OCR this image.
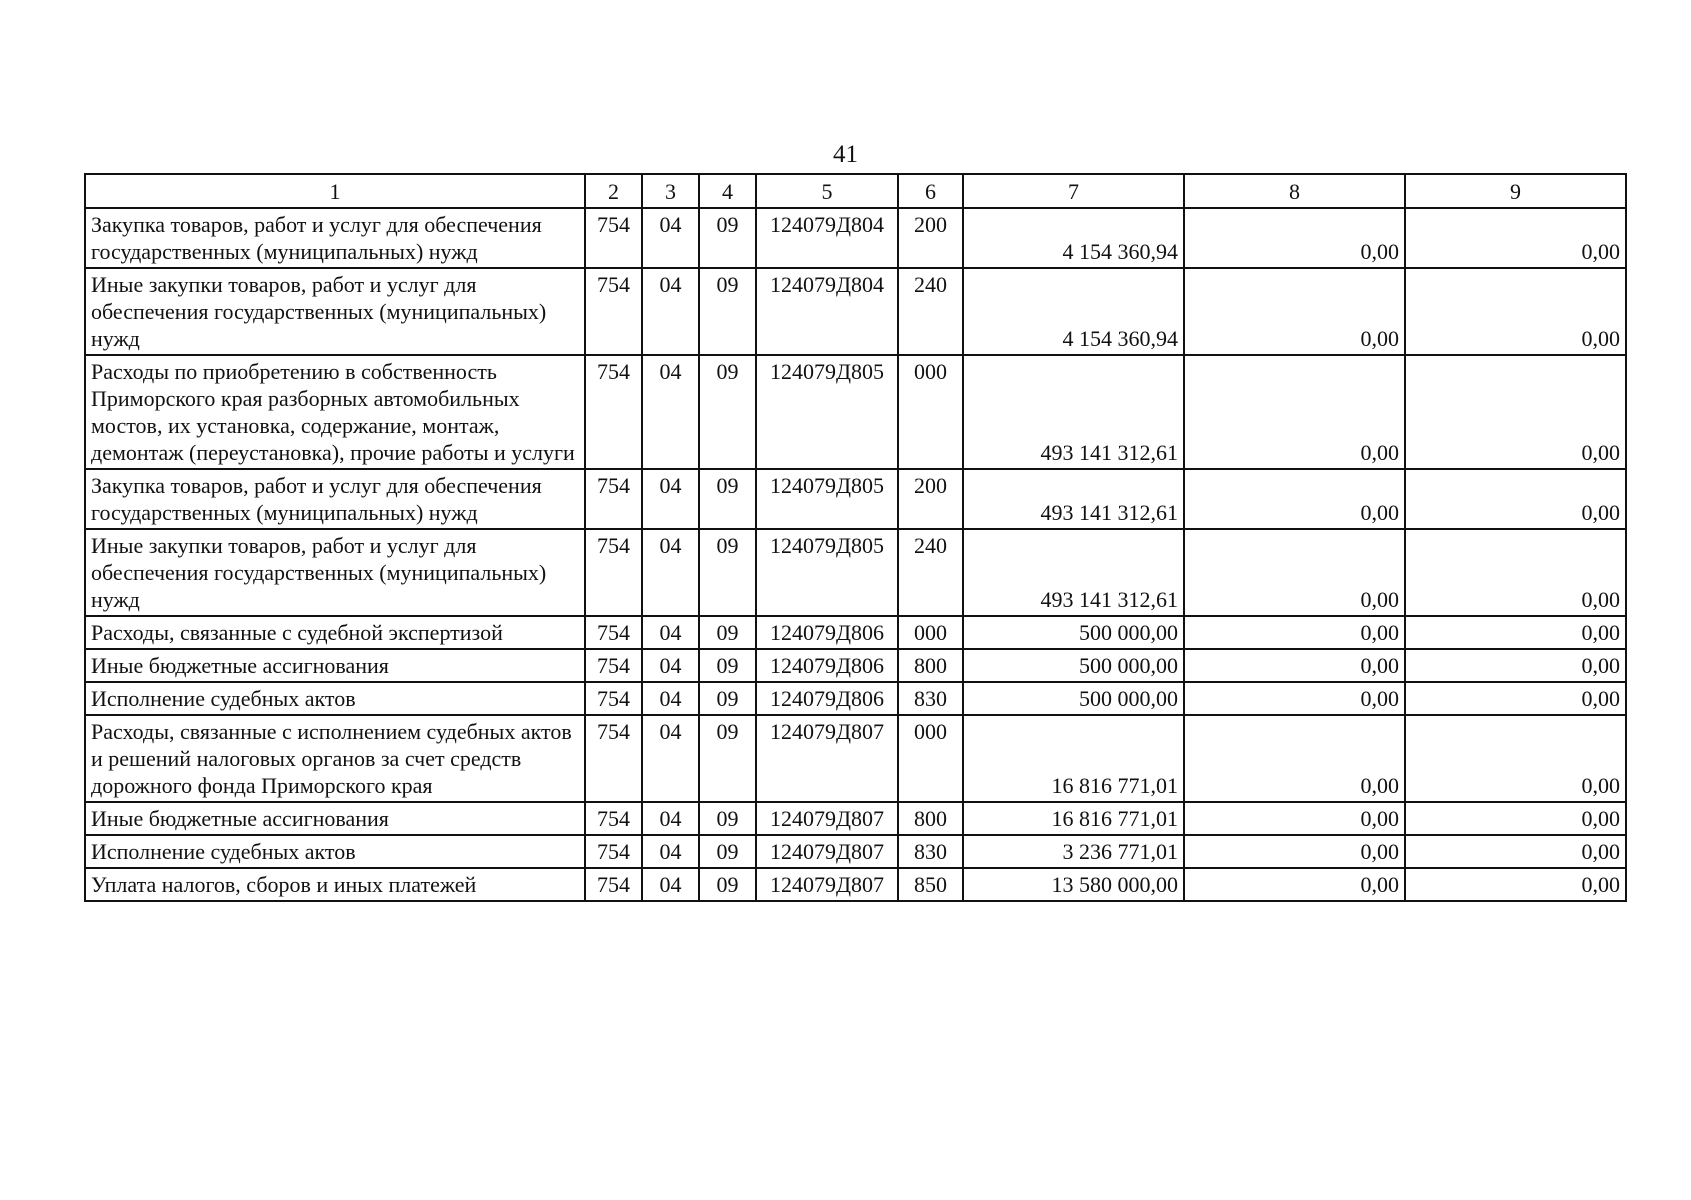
41
1	2	3	4	5	6	7	8	9
Закупка товаров, работ и услуг для обеспечения государственных (муниципальных) нужд	754	04	09	124079Д804	200	4 154 360,94	0,00	0,00
Иные закупки товаров, работ и услуг для обеспечения государственных (муниципальных) нужд	754	04	09	124079Д804	240	4 154 360,94	0,00	0,00
Расходы по приобретению в собственность Приморского края разборных автомобильных мостов, их установка, содержание, монтаж, демонтаж (переустановка), прочие работы и услуги	754	04	09	124079Д805	000	493 141 312,61	0,00	0,00
Закупка товаров, работ и услуг для обеспечения государственных (муниципальных) нужд	754	04	09	124079Д805	200	493 141 312,61	0,00	0,00
Иные закупки товаров, работ и услуг для обеспечения государственных (муниципальных) нужд	754	04	09	124079Д805	240	493 141 312,61	0,00	0,00
Расходы, связанные с судебной экспертизой	754	04	09	124079Д806	000	500 000,00	0,00	0,00
Иные бюджетные ассигнования	754	04	09	124079Д806	800	500 000,00	0,00	0,00
Исполнение судебных актов	754	04	09	124079Д806	830	500 000,00	0,00	0,00
Расходы, связанные с исполнением судебных актов и решений налоговых органов за счет средств дорожного фонда Приморского края	754	04	09	124079Д807	000	16 816 771,01	0,00	0,00
Иные бюджетные ассигнования	754	04	09	124079Д807	800	16 816 771,01	0,00	0,00
Исполнение судебных актов	754	04	09	124079Д807	830	3 236 771,01	0,00	0,00
Уплата налогов, сборов и иных платежей	754	04	09	124079Д807	850	13 580 000,00	0,00	0,00
